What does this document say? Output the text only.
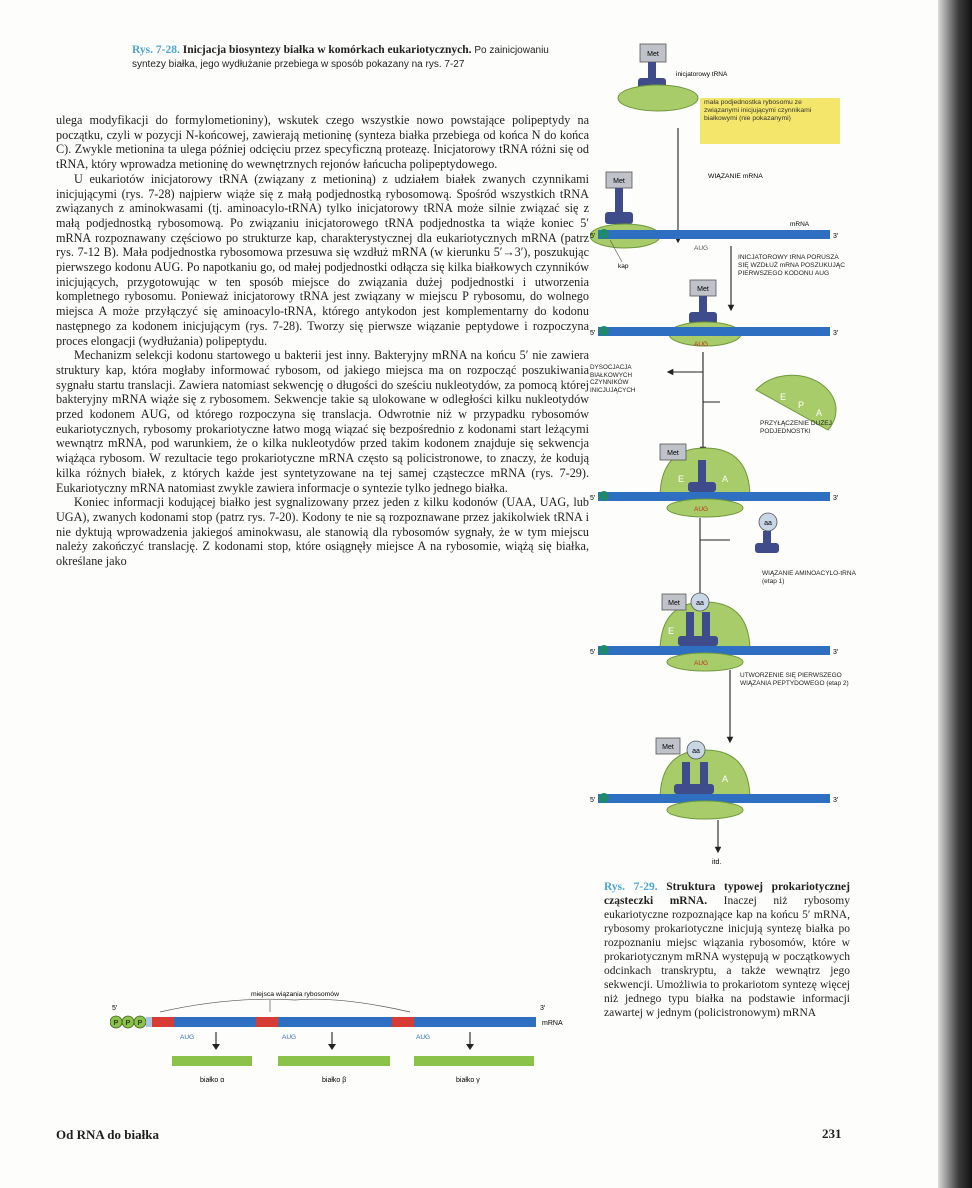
Rys. 7-28. Inicjacja biosyntezy białka w komórkach eukariotycznych. Po zainicjowaniu syntezy białka, jego wydłużanie przebiega w sposób pokazany na rys. 7-27

ulega modyfikacji do formylometioniny), wskutek czego wszystkie nowo powstające polipeptydy na początku, czyli w pozycji N-końcowej, zawierają metioninę (synteza białka przebiega od końca N do końca C). Zwykle metionina ta ulega później odcięciu przez specyficzną proteazę. Inicjatorowy tRNA różni się od tRNA, który wprowadza metioninę do wewnętrznych rejonów łańcucha polipeptydowego.

U eukariotów inicjatorowy tRNA (związany z metioniną) z udziałem białek zwanych czynnikami inicjującymi (rys. 7-28) najpierw wiąże się z małą podjednostką rybosomową. Spośród wszystkich tRNA związanych z aminokwasami (tj. aminoacylo-tRNA) tylko inicjatorowy tRNA może silnie związać się z małą podjednostką rybosomową. Po związaniu inicjatorowego tRNA podjednostka ta wiąże koniec 5′ mRNA rozpoznawany częściowo po strukturze kap, charakterystycznej dla eukariotycznych mRNA (patrz rys. 7-12 B). Mała podjednostka rybosomowa przesuwa się wzdłuż mRNA (w kierunku 5′→3′), poszukując pierwszego kodonu AUG. Po napotkaniu go, od małej podjednostki odłącza się kilka białkowych czynników inicjujących, przygotowując w ten sposób miejsce do związania dużej podjednostki i utworzenia kompletnego rybosomu. Ponieważ inicjatorowy tRNA jest związany w miejscu P rybosomu, do wolnego miejsca A może przyłączyć się aminoacylo-tRNA, którego antykodon jest komplementarny do kodonu następnego za kodonem inicjującym (rys. 7-28). Tworzy się pierwsze wiązanie peptydowe i rozpoczyna proces elongacji (wydłużania) polipeptydu.

Mechanizm selekcji kodonu startowego u bakterii jest inny. Bakteryjny mRNA na końcu 5′ nie zawiera struktury kap, która mogłaby informować rybosom, od jakiego miejsca ma on rozpocząć poszukiwania sygnału startu translacji. Zawiera natomiast sekwencję o długości do sześciu nukleotydów, za pomocą której bakteryjny mRNA wiąże się z rybosomem. Sekwencje takie są ulokowane w odległości kilku nukleotydów przed kodonem AUG, od którego rozpoczyna się translacja. Odwrotnie niż w przypadku rybosomów eukariotycznych, rybosomy prokariotyczne łatwo mogą wiązać się bezpośrednio z kodonami start leżącymi wewnątrz mRNA, pod warunkiem, że o kilka nukleotydów przed takim kodonem znajduje się sekwencja wiążąca rybosom. W rezultacie tego prokariotyczne mRNA często są policistronowe, to znaczy, że kodują kilka różnych białek, z których każde jest syntetyzowane na tej samej cząsteczce mRNA (rys. 7-29). Eukariotyczny mRNA natomiast zwykle zawiera informacje o syntezie tylko jednego białka.

Koniec informacji kodującej białko jest sygnalizowany przez jeden z kilku kodonów (UAA, UAG, lub UGA), zwanych kodonami stop (patrz rys. 7-20). Kodony te nie są rozpoznawane przez jakikolwiek tRNA i nie dyktują wprowadzenia jakiegoś aminokwasu, ale stanowią dla rybosomów sygnały, że w tym miejscu należy zakończyć translację. Z kodonami stop, które osiągnęły miejsce A na rybosomie, wiążą się białka, określane jako

Met
inicjatorowy tRNA
mała podjednostka rybosomu ze związanymi inicjującymi czynnikami białkowymi (nie pokazanymi)
WIĄZANIE mRNA
Met
5′	3′
mRNA
AUG
kap
INICJATOROWY tRNA PORUSZA SIĘ WZDŁUŻ mRNA POSZUKUJĄC PIERWSZEGO KODONU AUG
Met
5′	3′
AUG
DYSOCJACJA BIAŁKOWYCH CZYNNIKÓW INICJUJĄCYCH
E
P
A
PRZYŁĄCZENIE DUŻEJ PODJEDNOSTKI
Met
E	A
5′	3′
AUG
aa
WIĄZANIE AMINOACYLO-tRNA (etap 1)
Met aa
E
5′	3′
AUG
UTWORZENIE SIĘ PIERWSZEGO WIĄZANIA PEPTYDOWEGO (etap 2)
Met
aa
A
5′	3′
itd.
Rys. 7-29. Struktura typowej prokariotycznej cząsteczki mRNA. Inaczej niż rybosomy eukariotyczne rozpoznające kap na końcu 5′ mRNA, rybosomy prokariotyczne inicjują syntezę białka po rozpoznaniu miejsc wiązania rybosomów, które w prokariotycznym mRNA występują w początkowych odcinkach transkryptu, a także wewnątrz jego sekwencji. Umożliwia to prokariotom syntezę więcej niż jednego typu białka na podstawie informacji zawartej w jednym (policistronowym) mRNA
miejsca wiązania rybosomów
5′	3′
P P P	mRNA
AUG	AUG	AUG
białko α	białko β	białko γ
Od RNA do białka	231
